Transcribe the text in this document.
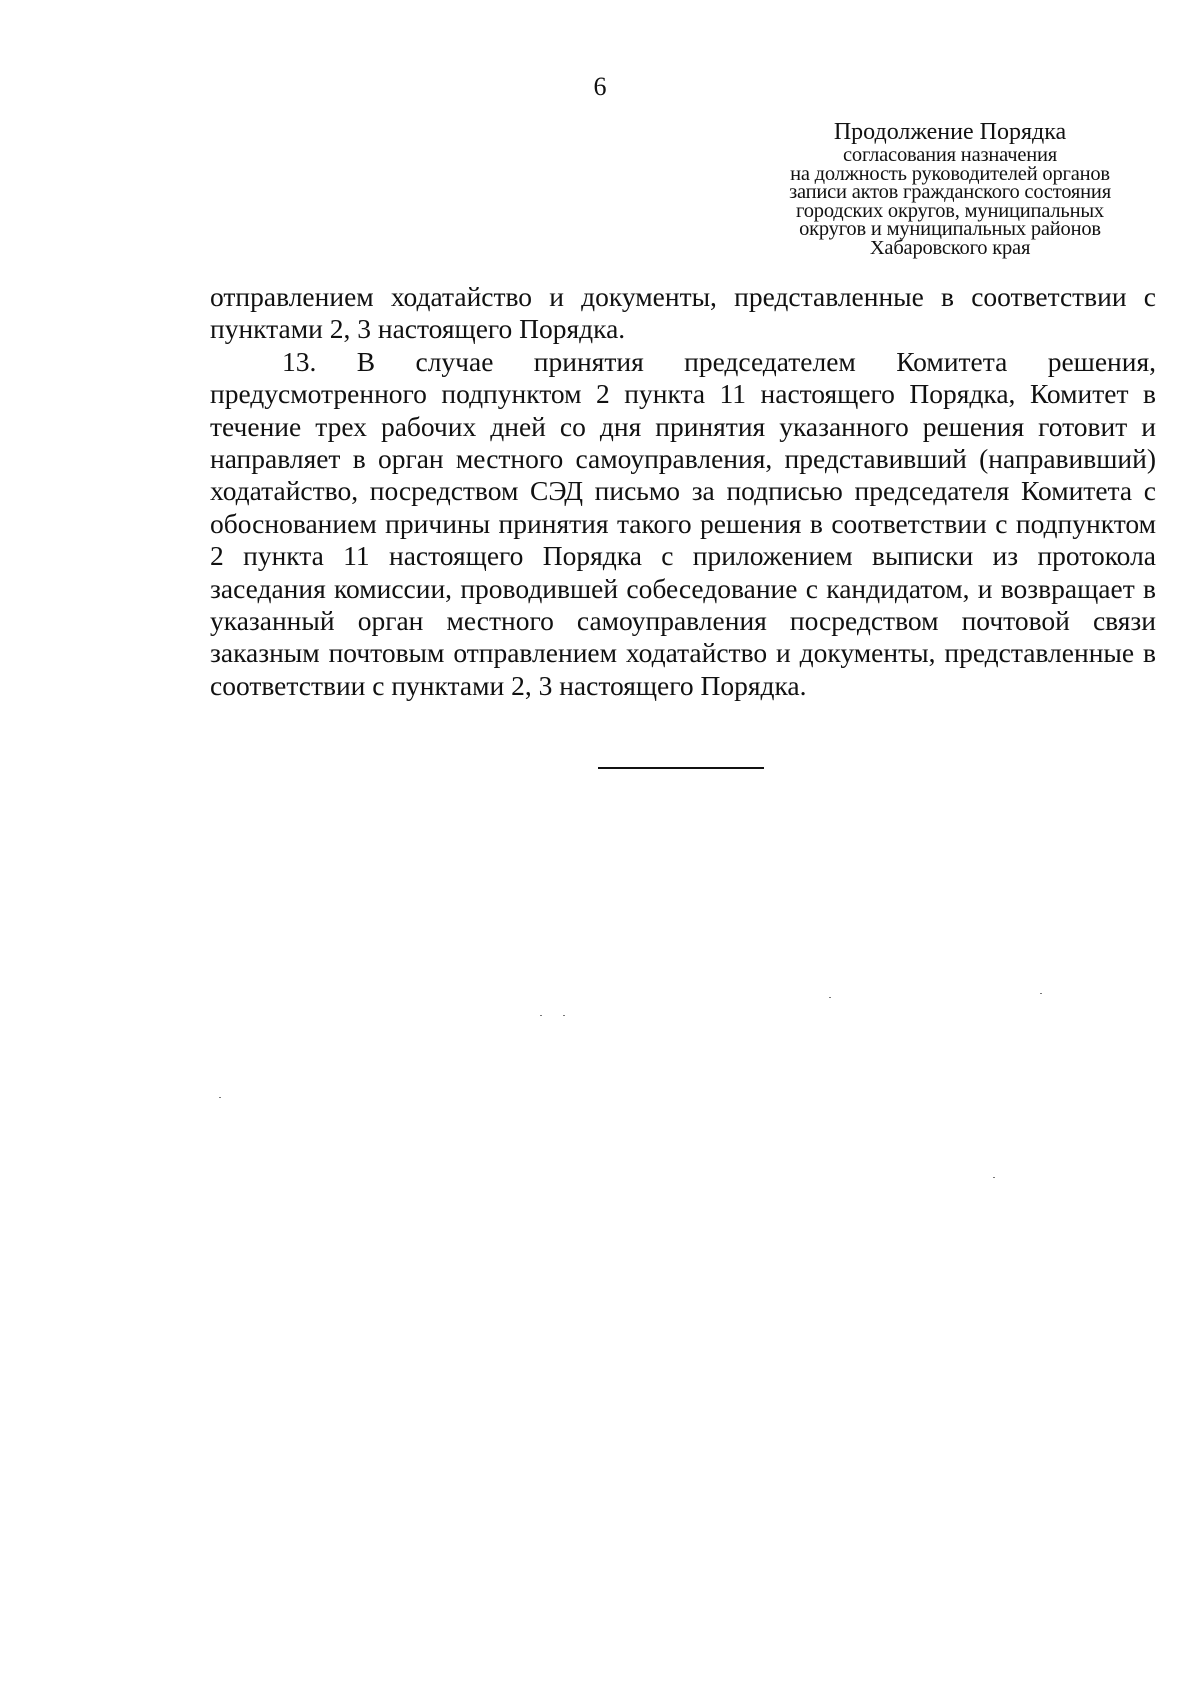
6
Продолжение Порядка
согласования назначения
на должность руководителей органов
записи актов гражданского состояния
городских округов, муниципальных
округов и муниципальных районов
Хабаровского края

отправлением ходатайство и документы, представленные в соответствии с пунктами 2, 3 настоящего Порядка.

13. В случае принятия председателем Комитета решения, предусмотренного подпунктом 2 пункта 11 настоящего Порядка, Комитет в течение трех рабочих дней со дня принятия указанного решения готовит и направляет в орган местного самоуправления, представивший (направивший) ходатайство, посредством СЭД письмо за подписью председателя Комитета с обоснованием причины принятия такого решения в соответствии с подпунктом 2 пункта 11 настоящего Порядка с приложением выписки из протокола заседания комиссии, проводившей собеседование с кандидатом, и возвращает в указанный орган местного самоуправления посредством почтовой связи заказным почтовым отправлением ходатайство и документы, представленные в соответствии с пунктами 2, 3 настоящего Порядка.
